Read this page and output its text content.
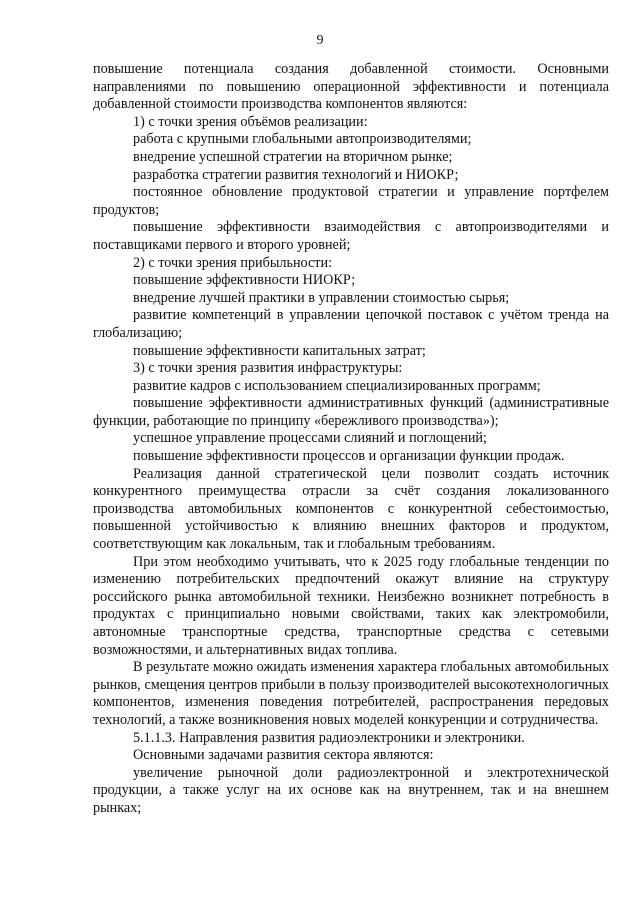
9

повышение потенциала создания добавленной стоимости. Основными направлениями по повышению операционной эффективности и потенциала добавленной стоимости производства компонентов являются:

1) с точки зрения объёмов реализации:

работа с крупными глобальными автопроизводителями;

внедрение успешной стратегии на вторичном рынке;

разработка стратегии развития технологий и НИОКР;

постоянное обновление продуктовой стратегии и управление портфелем продуктов;

повышение эффективности взаимодействия с автопроизводителями и поставщиками первого и второго уровней;

2) с точки зрения прибыльности:

повышение эффективности НИОКР;

внедрение лучшей практики в управлении стоимостью сырья;

развитие компетенций в управлении цепочкой поставок с учётом тренда на глобализацию;

повышение эффективности капитальных затрат;

3) с точки зрения развития инфраструктуры:

развитие кадров с использованием специализированных программ;

повышение эффективности административных функций (административные функции, работающие по принципу «бережливого производства»);

успешное управление процессами слияний и поглощений;

повышение эффективности процессов и организации функции продаж.

Реализация данной стратегической цели позволит создать источник конкурентного преимущества отрасли за счёт создания локализованного производства автомобильных компонентов с конкурентной себестоимостью, повышенной устойчивостью к влиянию внешних факторов и продуктом, соответствующим как локальным, так и глобальным требованиям.

При этом необходимо учитывать, что к 2025 году глобальные тенденции по изменению потребительских предпочтений окажут влияние на структуру российского рынка автомобильной техники. Неизбежно возникнет потребность в продуктах с принципиально новыми свойствами, таких как электромобили, автономные транспортные средства, транспортные средства с сетевыми возможностями, и альтернативных видах топлива.

В результате можно ожидать изменения характера глобальных автомобильных рынков, смещения центров прибыли в пользу производителей высокотехнологичных компонентов, изменения поведения потребителей, распространения передовых технологий, а также возникновения новых моделей конкуренции и сотрудничества.

5.1.1.3. Направления развития радиоэлектроники и электроники.

Основными задачами развития сектора являются:

увеличение рыночной доли радиоэлектронной и электротехнической продукции, а также услуг на их основе как на внутреннем, так и на внешнем рынках;
